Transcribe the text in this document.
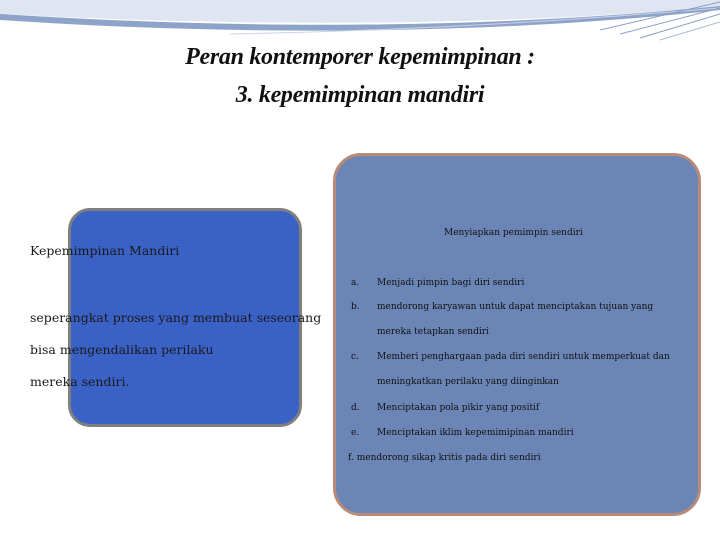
Peran kontemporer kepemimpinan :
3. kepemimpinan mandiri
Kepemimpinan Mandiri
seperangkat proses yang membuat seseorang
bisa mengendalikan perilaku
mereka sendiri.
Menyiapkan pemimpin sendiri
a. Menjadi pimpin bagi diri sendiri
b. mendorong karyawan untuk dapat menciptakan tujuan yang
mereka tetapkan sendiri
c. Memberi penghargaan pada diri sendiri untuk memperkuat dan
meningkatkan perilaku yang diinginkan
d. Menciptakan pola pikir yang positif
e. Menciptakan iklim kepemimipinan mandiri
f. mendorong sikap kritis pada diri sendiri
